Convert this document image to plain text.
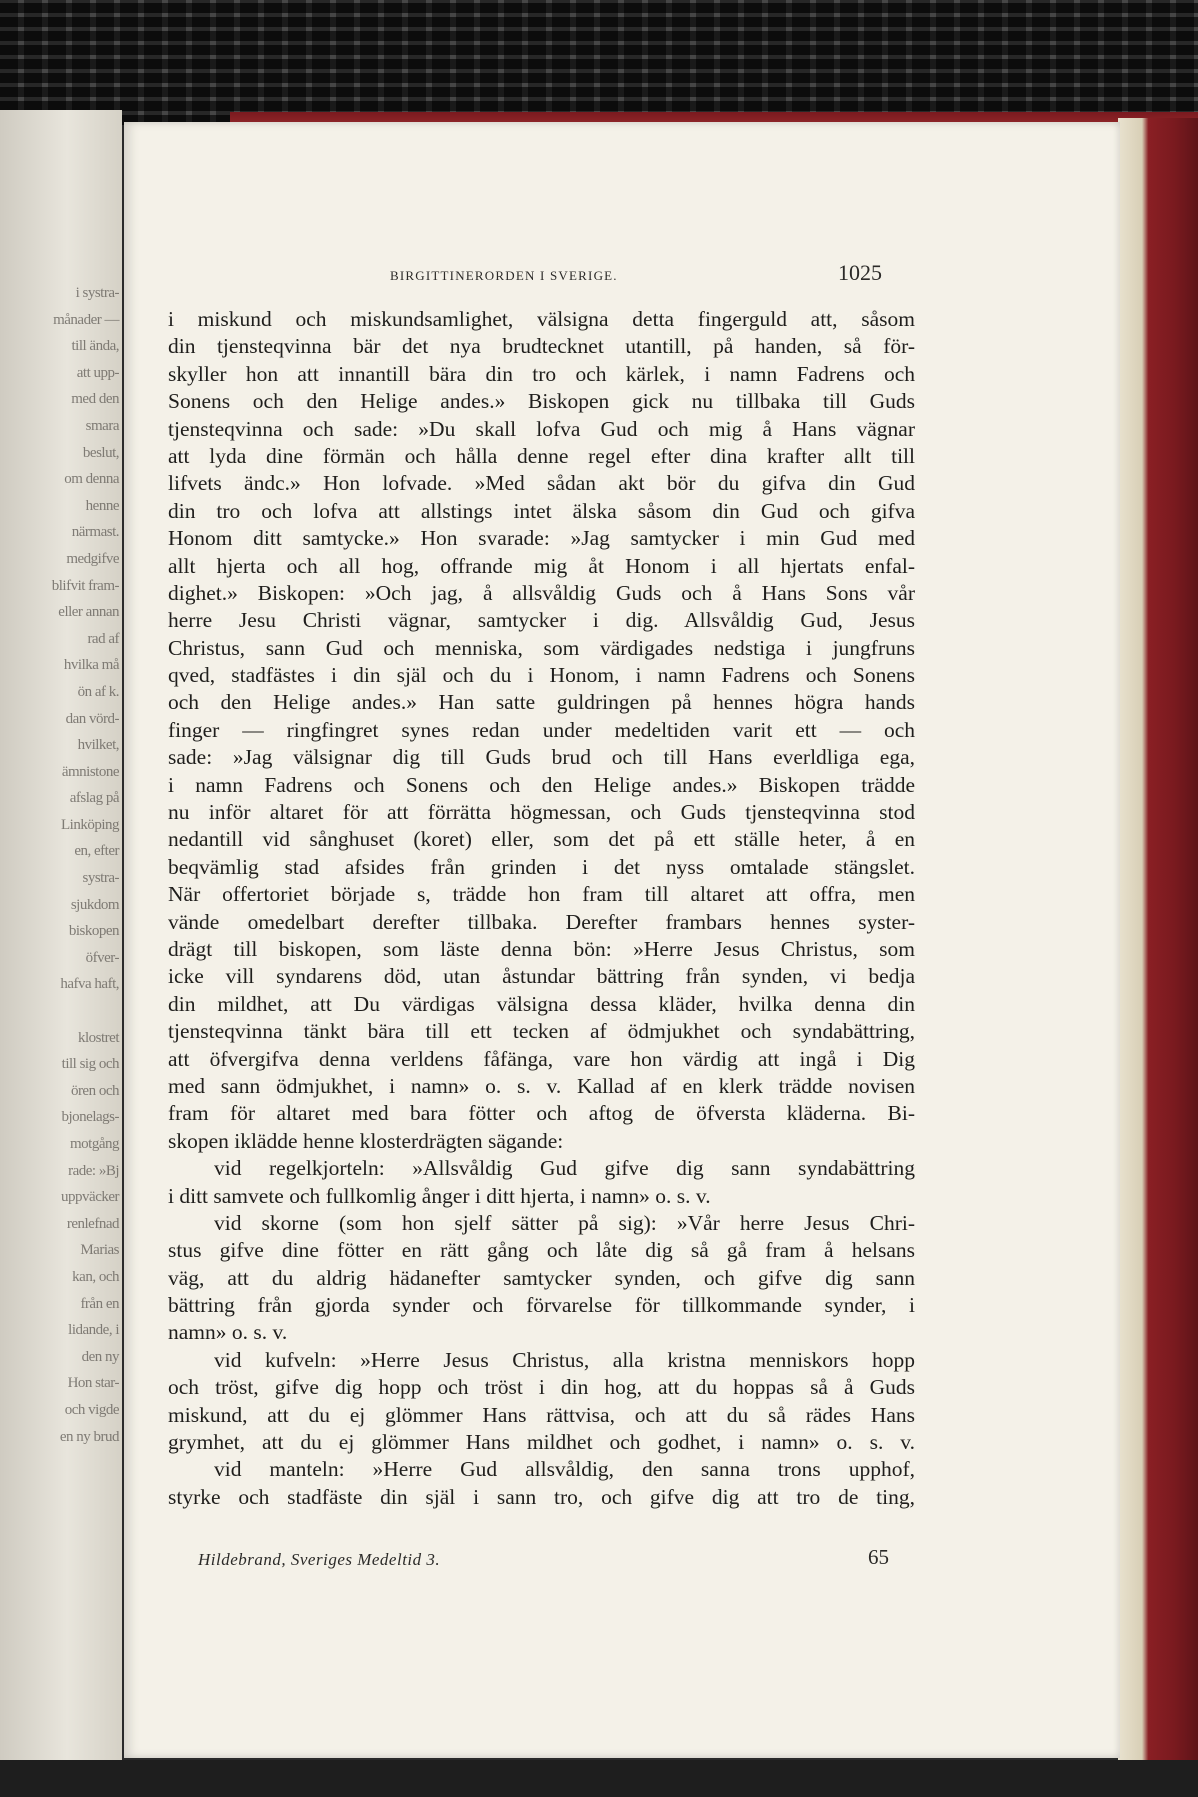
i systra-
månader —
till ända,
att upp-
med den
smara
beslut,
om denna
henne
närmast.
medgifve
blifvit fram-
eller annan
rad af
hvilka må
ön af k.
dan vörd-
hvilket,
ämnistone
afslag på
Linköping
en, efter
systra-
sjukdom
biskopen
öfver-
hafva haft,

klostret
till sig och
ören och
bjonelags-
motgång
rade: »Bj
uppväcker
renlefnad
Marias
kan, och
från en
lidande, i
den ny
Hon star-
och vigde
en ny brud
BIRGITTINERORDEN I SVERIGE.	1025
i miskund och miskundsamlighet, välsigna detta fingerguld att, såsom
din tjensteqvinna bär det nya brudtecknet utantill, på handen, så för-
skyller hon att innantill bära din tro och kärlek, i namn Fadrens och
Sonens och den Helige andes.» Biskopen gick nu tillbaka till Guds
tjensteqvinna och sade: »Du skall lofva Gud och mig å Hans vägnar
att lyda dine förmän och hålla denne regel efter dina krafter allt till
lifvets ändc.» Hon lofvade. »Med sådan akt bör du gifva din Gud
din tro och lofva att allstings intet älska såsom din Gud och gifva
Honom ditt samtycke.» Hon svarade: »Jag samtycker i min Gud med
allt hjerta och all hog, offrande mig åt Honom i all hjertats enfal-
dighet.» Biskopen: »Och jag, å allsvåldig Guds och å Hans Sons vår
herre Jesu Christi vägnar, samtycker i dig. Allsvåldig Gud, Jesus
Christus, sann Gud och menniska, som värdigades nedstiga i jungfruns
qved, stadfästes i din själ och du i Honom, i namn Fadrens och Sonens
och den Helige andes.» Han satte guldringen på hennes högra hands
finger — ringfingret synes redan under medeltiden varit ett — och
sade: »Jag välsignar dig till Guds brud och till Hans everldliga ega,
i namn Fadrens och Sonens och den Helige andes.» Biskopen trädde
nu inför altaret för att förrätta högmessan, och Guds tjensteqvinna stod
nedantill vid sånghuset (koret) eller, som det på ett ställe heter, å en
beqvämlig stad afsides från grinden i det nyss omtalade stängslet.
När offertoriet började s, trädde hon fram till altaret att offra, men
vände omedelbart derefter tillbaka. Derefter frambars hennes syster-
drägt till biskopen, som läste denna bön: »Herre Jesus Christus, som
icke vill syndarens död, utan åstundar bättring från synden, vi bedja
din mildhet, att Du värdigas välsigna dessa kläder, hvilka denna din
tjensteqvinna tänkt bära till ett tecken af ödmjukhet och syndabättring,
att öfvergifva denna verldens fåfänga, vare hon värdig att ingå i Dig
med sann ödmjukhet, i namn» o. s. v. Kallad af en klerk trädde novisen
fram för altaret med bara fötter och aftog de öfversta kläderna. Bi-
skopen iklädde henne klosterdrägten sägande:
vid regelkjorteln: »Allsvåldig Gud gifve dig sann syndabättring
i ditt samvete och fullkomlig ånger i ditt hjerta, i namn» o. s. v.
vid skorne (som hon sjelf sätter på sig): »Vår herre Jesus Chri-
stus gifve dine fötter en rätt gång och låte dig så gå fram å helsans
väg, att du aldrig hädanefter samtycker synden, och gifve dig sann
bättring från gjorda synder och förvarelse för tillkommande synder, i
namn» o. s. v.
vid kufveln: »Herre Jesus Christus, alla kristna menniskors hopp
och tröst, gifve dig hopp och tröst i din hog, att du hoppas så å Guds
miskund, att du ej glömmer Hans rättvisa, och att du så rädes Hans
grymhet, att du ej glömmer Hans mildhet och godhet, i namn» o. s. v.
vid manteln: »Herre Gud allsvåldig, den sanna trons upphof,
styrke och stadfäste din själ i sann tro, och gifve dig att tro de ting,
Hildebrand, Sveriges Medeltid 3.	65
